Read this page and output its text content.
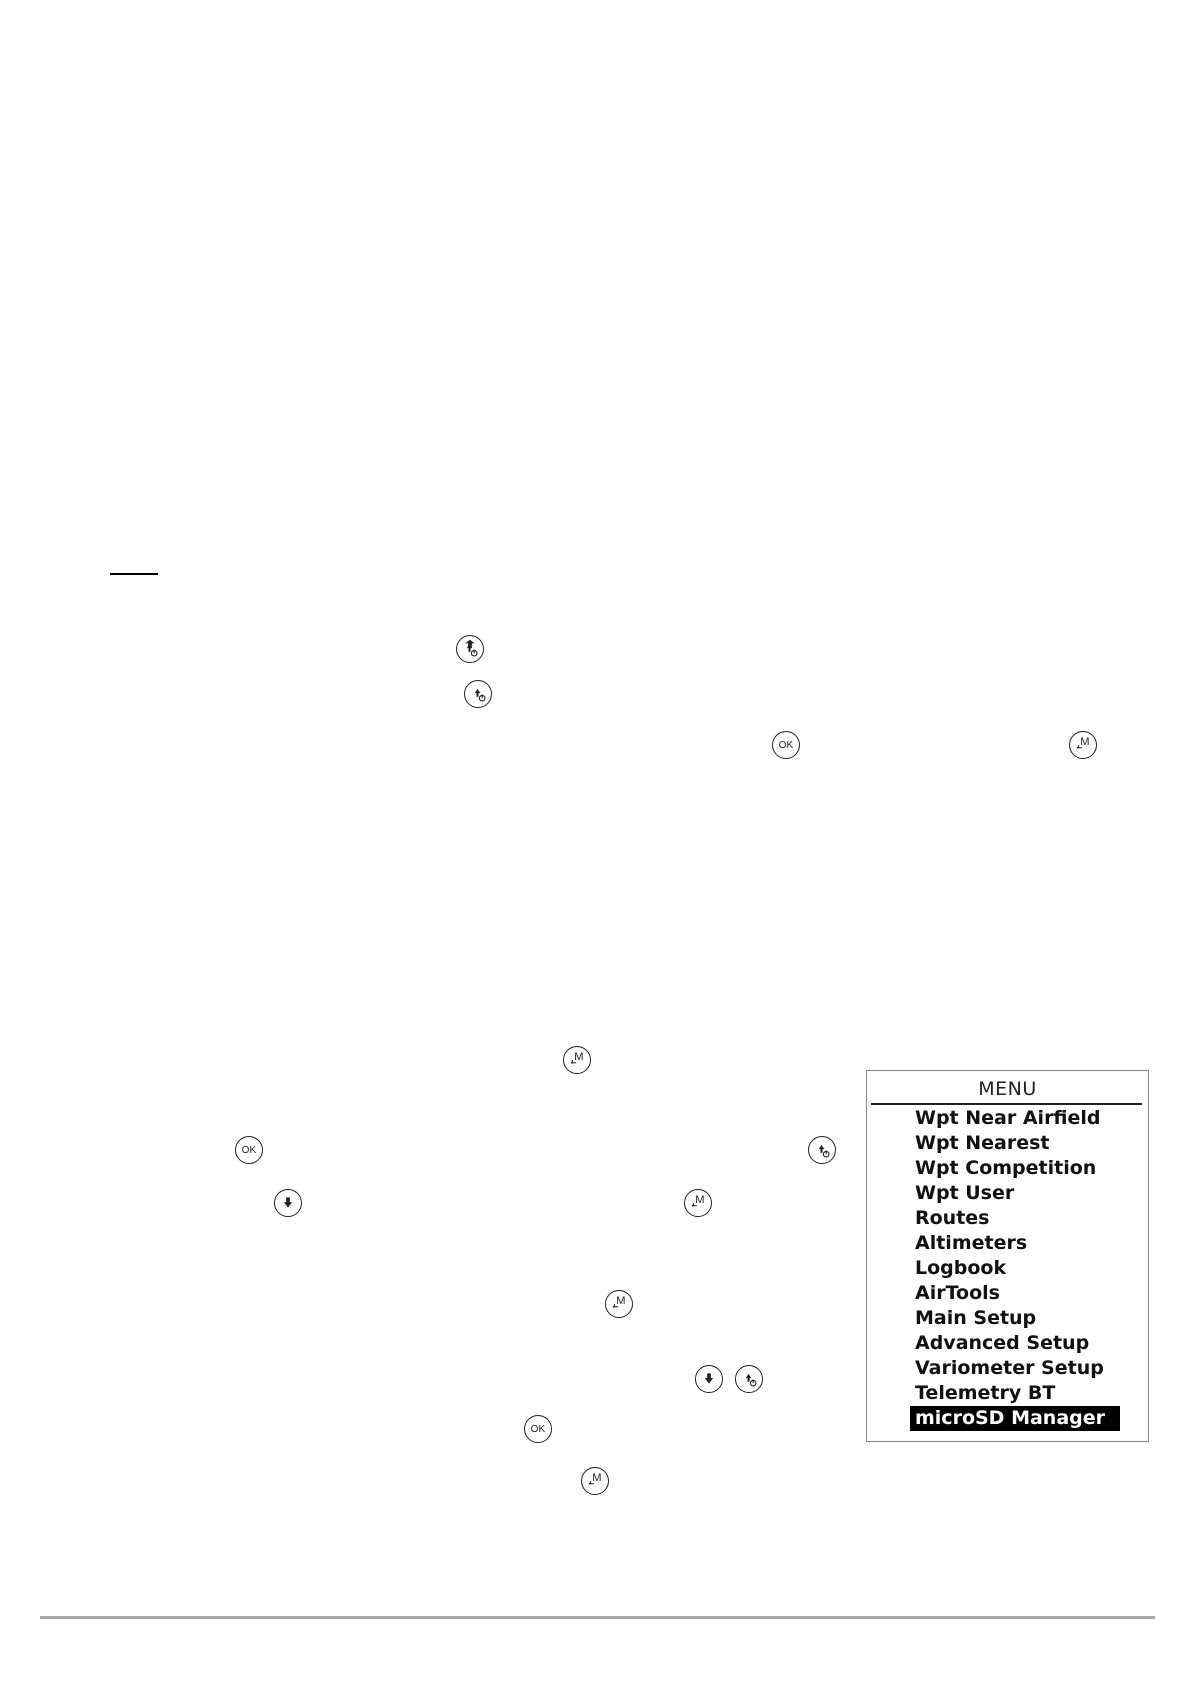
OK	M
M
OK
M
M
OK
M
MENU
Wpt Near Airfield
Wpt Nearest
Wpt Competition
Wpt User
Routes
Altimeters
Logbook
AirTools
Main Setup
Advanced Setup
Variometer Setup
Telemetry BT
microSD Manager
